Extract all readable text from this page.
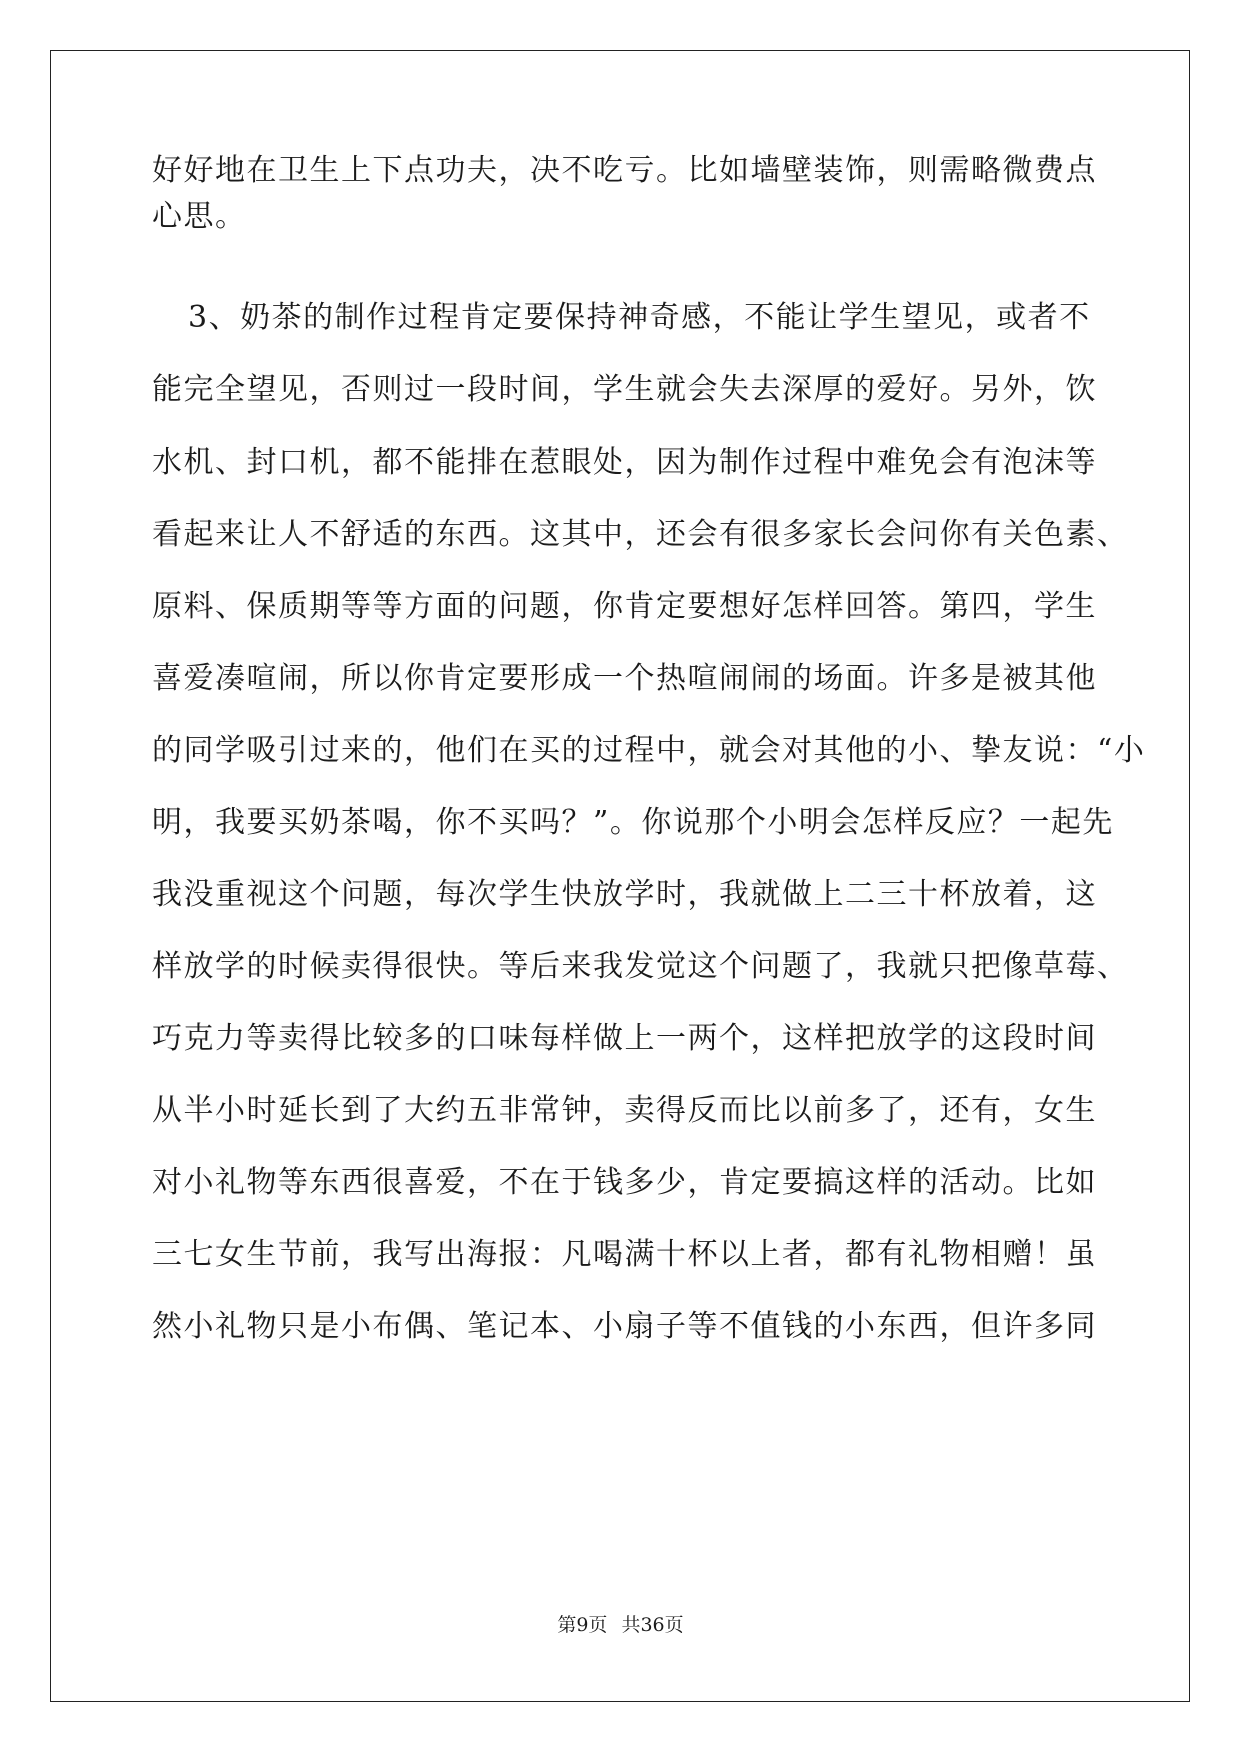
好好地在卫生上下点功夫，决不吃亏。比如墙壁装饰，则需略微费点
心思。
3、奶茶的制作过程肯定要保持神奇感，不能让学生望见，或者不
能完全望见，否则过一段时间，学生就会失去深厚的爱好。另外，饮
水机、封口机，都不能排在惹眼处，因为制作过程中难免会有泡沫等
看起来让人不舒适的东西。这其中，还会有很多家长会问你有关色素、
原料、保质期等等方面的问题，你肯定要想好怎样回答。第四，学生
喜爱凑喧闹，所以你肯定要形成一个热喧闹闹的场面。许多是被其他
的同学吸引过来的，他们在买的过程中，就会对其他的小、挚友说：“小
明，我要买奶茶喝，你不买吗？”。你说那个小明会怎样反应？一起先
我没重视这个问题，每次学生快放学时，我就做上二三十杯放着，这
样放学的时候卖得很快。等后来我发觉这个问题了，我就只把像草莓、
巧克力等卖得比较多的口味每样做上一两个，这样把放学的这段时间
从半小时延长到了大约五非常钟，卖得反而比以前多了，还有，女生
对小礼物等东西很喜爱，不在于钱多少，肯定要搞这样的活动。比如
三七女生节前，我写出海报：凡喝满十杯以上者，都有礼物相赠！虽
然小礼物只是小布偶、笔记本、小扇子等不值钱的小东西，但许多同
第9页 共36页
